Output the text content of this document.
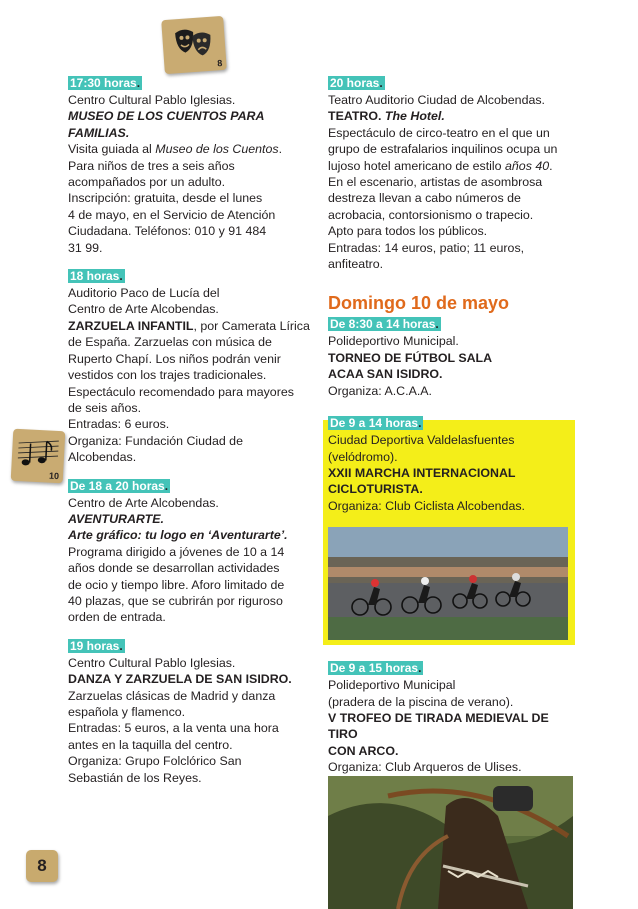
8
10
17:30 horas.

Centro Cultural Pablo Iglesias.

MUSEO DE LOS CUENTOS PARA

FAMILIAS.

Visita guiada al Museo de los Cuentos.

Para niños de tres a seis años

acompañados por un adulto.

Inscripción: gratuita, desde el lunes

4 de mayo, en el Servicio de Atención

Ciudadana. Teléfonos: 010 y 91 484

31 99.

18 horas.

Auditorio Paco de Lucía del

Centro de Arte Alcobendas.

ZARZUELA INFANTIL, por Camerata Lírica

de España. Zarzuelas con música de

Ruperto Chapí. Los niños podrán venir

vestidos con los trajes tradicionales.

Espectáculo recomendado para mayores

de seis años.

Entradas: 6 euros.

Organiza: Fundación Ciudad de

Alcobendas.

De 18 a 20 horas.

Centro de Arte Alcobendas.

AVENTURARTE.

Arte gráfico: tu logo en ‘Aventurarte’.

Programa dirigido a jóvenes de 10 a 14

años donde se desarrollan actividades

de ocio y tiempo libre. Aforo limitado de

40 plazas, que se cubrirán por riguroso

orden de entrada.

19 horas.

Centro Cultural Pablo Iglesias.

DANZA Y ZARZUELA DE SAN ISIDRO.

Zarzuelas clásicas de Madrid y danza

española y flamenco.

Entradas: 5 euros, a la venta una hora

antes en la taquilla del centro.

Organiza: Grupo Folclórico San

Sebastián de los Reyes.

20 horas.

Teatro Auditorio Ciudad de Alcobendas.

TEATRO. The Hotel.

Espectáculo de circo-teatro en el que un

grupo de estrafalarios inquilinos ocupa un

lujoso hotel americano de estilo años 40.

En el escenario, artistas de asombrosa

destreza llevan a cabo números de

acrobacia, contorsionismo o trapecio.

Apto para todos los públicos.

Entradas: 14 euros, patio; 11 euros,

anfiteatro.

Domingo 10 de mayo
De 8:30 a 14 horas.

Polideportivo Municipal.

TORNEO DE FÚTBOL SALA

ACAA SAN ISIDRO.

Organiza: A.C.A.A.

De 9 a 14 horas.

Ciudad Deportiva Valdelasfuentes

(velódromo).

XXII MARCHA INTERNACIONAL

CICLOTURISTA.

Organiza: Club Ciclista Alcobendas.

De 9 a 15 horas.

Polideportivo Municipal

(pradera de la piscina de verano).

V TROFEO DE TIRADA MEDIEVAL DE TIRO

CON ARCO.

Organiza: Club Arqueros de Ulises.

8
